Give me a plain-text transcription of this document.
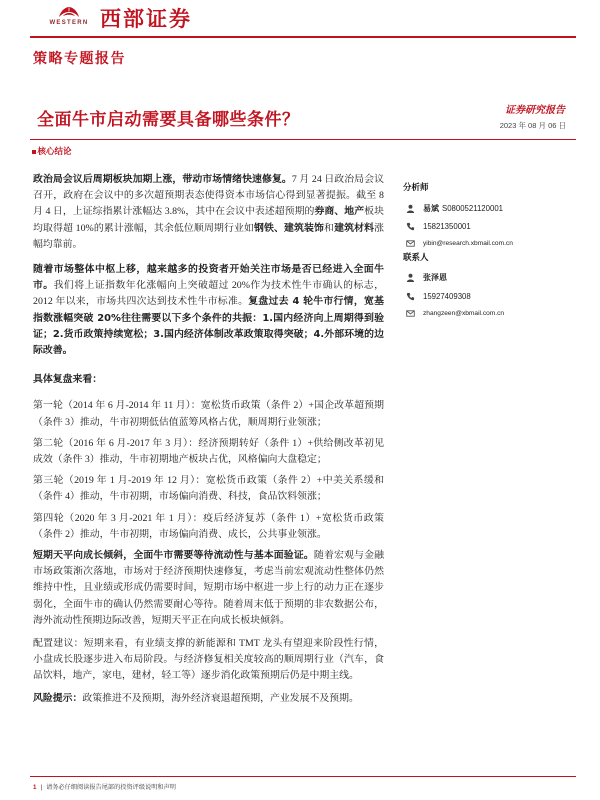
WESTERN 西部证券
策略专题报告
全面牛市启动需要具备哪些条件？	证券研究报告
2023 年 08 月 06 日
核心结论

政治局会议后周期板块加期上涨，带动市场情绪快速修复。7 月 24 日政治局会议召开，政府在会议中的多次超预期表态使得资本市场信心得到显著提振。截至 8 月 4 日，上证综指累计涨幅达 3.8%，其中在会议中表述超预期的券商、地产板块均取得超 10%的累计涨幅，其余低位顺周期行业如钢铁、建筑装饰和建筑材料涨幅均靠前。

随着市场整体中枢上移，越来越多的投资者开始关注市场是否已经进入全面牛市。我们将上证指数年化涨幅向上突破超过 20%作为技术性牛市确认的标志，2012 年以来，市场共四次达到技术性牛市标准。复盘过去 4 轮牛市行情，宽基指数涨幅突破 20%往往需要以下多个条件的共振：1.国内经济向上周期得到验证；2.货币政策持续宽松；3.国内经济体制改革政策取得突破；4.外部环境的边际改善。

具体复盘来看：

第一轮（2014 年 6 月-2014 年 11 月）：宽松货币政策（条件 2）+国企改革超预期（条件 3）推动，牛市初期低估值蓝筹风格占优，顺周期行业领涨；

第二轮（2016 年 6 月-2017 年 3 月）：经济预期转好（条件 1）+供给侧改革初见成效（条件 3）推动，牛市初期地产板块占优，风格偏向大盘稳定；

第三轮（2019 年 1 月-2019 年 12 月）：宽松货币政策（条件 2）+中美关系缓和（条件 4）推动，牛市初期，市场偏向消费、科技，食品饮料领涨；

第四轮（2020 年 3 月-2021 年 1 月）：疫后经济复苏（条件 1）+宽松货币政策（条件 2）推动，牛市初期，市场偏向消费、成长，公共事业领涨。

短期天平向成长倾斜，全面牛市需要等待流动性与基本面验证。随着宏观与金融市场政策渐次落地，市场对于经济预期快速修复，考虑当前宏观流动性整体仍然维持中性，且业绩或形成仍需要时间，短期市场中枢进一步上行的动力正在逐步弱化，全面牛市的确认仍然需要耐心等待。随着周末低于预期的非农数据公布，海外流动性预期边际改善，短期天平正在向成长板块倾斜。

配置建议：短期来看，有业绩支撑的新能源和 TMT 龙头有望迎来阶段性行情，小盘成长股逐步进入布局阶段。与经济修复相关度较高的顺周期行业（汽车，食品饮料，地产，家电，建材，轻工等）逐步消化政策预期后仍是中期主线。

风险提示：政策推进不及预期，海外经济衰退超预期，产业发展不及预期。

分析师
易斌 S0800521120001
15821350001
yibin@research.xbmail.com.cn
联系人
张泽恩
15927409308
zhangzeen@xbmail.com.cn
1 | 请务必仔细阅读报告尾部的投资评级说明和声明
